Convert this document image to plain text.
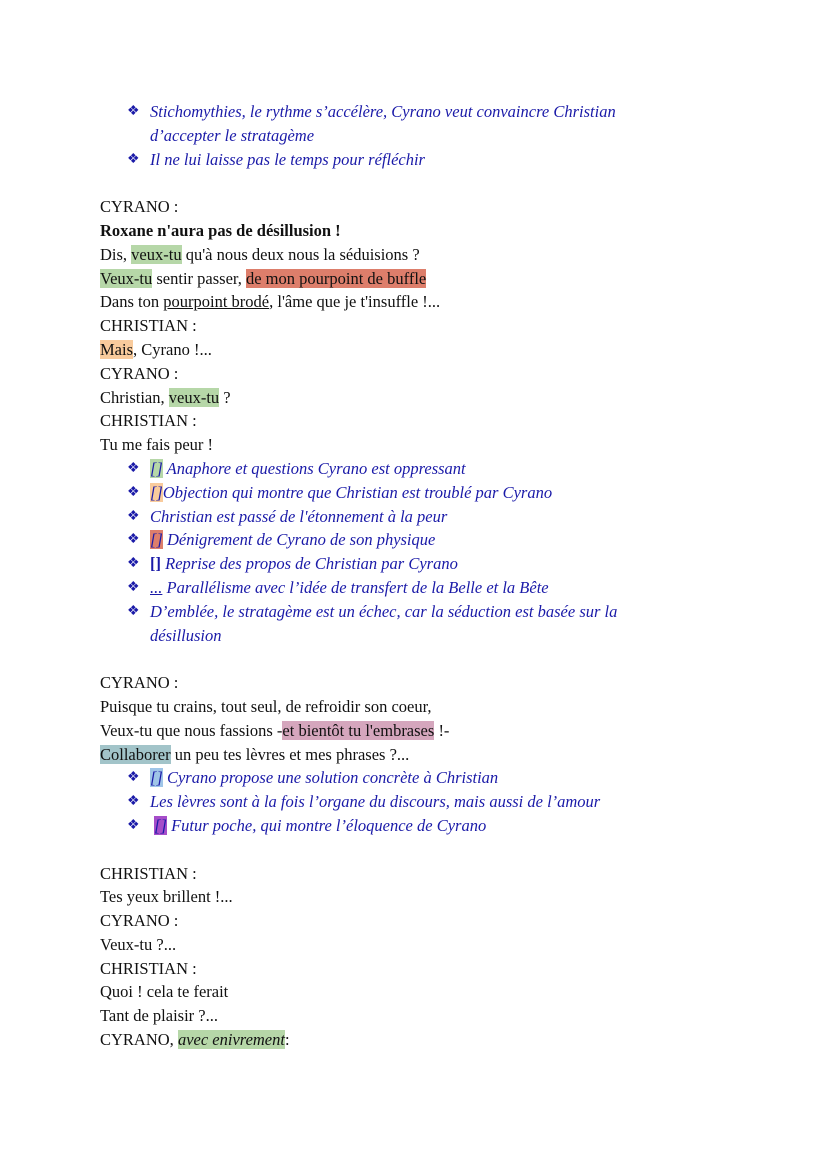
❖ Stichomythies, le rythme s’accélère, Cyrano veut convaincre Christian
d’accepter le stratagème
❖ Il ne lui laisse pas le temps pour réfléchir
CYRANO :
Roxane n'aura pas de désillusion !
Dis, veux-tu qu'à nous deux nous la séduisions ?
Veux-tu sentir passer, de mon pourpoint de buffle
Dans ton pourpoint brodé, l'âme que je t'insuffle !...
CHRISTIAN :
Mais, Cyrano !...
CYRANO :
Christian, veux-tu ?
CHRISTIAN :
Tu me fais peur !
❖ [] Anaphore et questions Cyrano est oppressant
❖ []Objection qui montre que Christian est troublé par Cyrano
❖ Christian est passé de l'étonnement à la peur
❖ [] Dénigrement de Cyrano de son physique
❖ [] Reprise des propos de Christian par Cyrano
❖ ... Parallélisme avec l’idée de transfert de la Belle et la Bête
❖ D’emblée, le stratagème est un échec, car la séduction est basée sur la
désillusion
CYRANO :
Puisque tu crains, tout seul, de refroidir son coeur,
Veux-tu que nous fassions -et bientôt tu l'embrases !-
Collaborer un peu tes lèvres et mes phrases ?...
❖ [] Cyrano propose une solution concrète à Christian
❖ Les lèvres sont à la fois l’organe du discours, mais aussi de l’amour
❖ [] Futur poche, qui montre l’éloquence de Cyrano
CHRISTIAN :
Tes yeux brillent !...
CYRANO :
Veux-tu ?...
CHRISTIAN :
Quoi ! cela te ferait
Tant de plaisir ?...
CYRANO, avec enivrement:
